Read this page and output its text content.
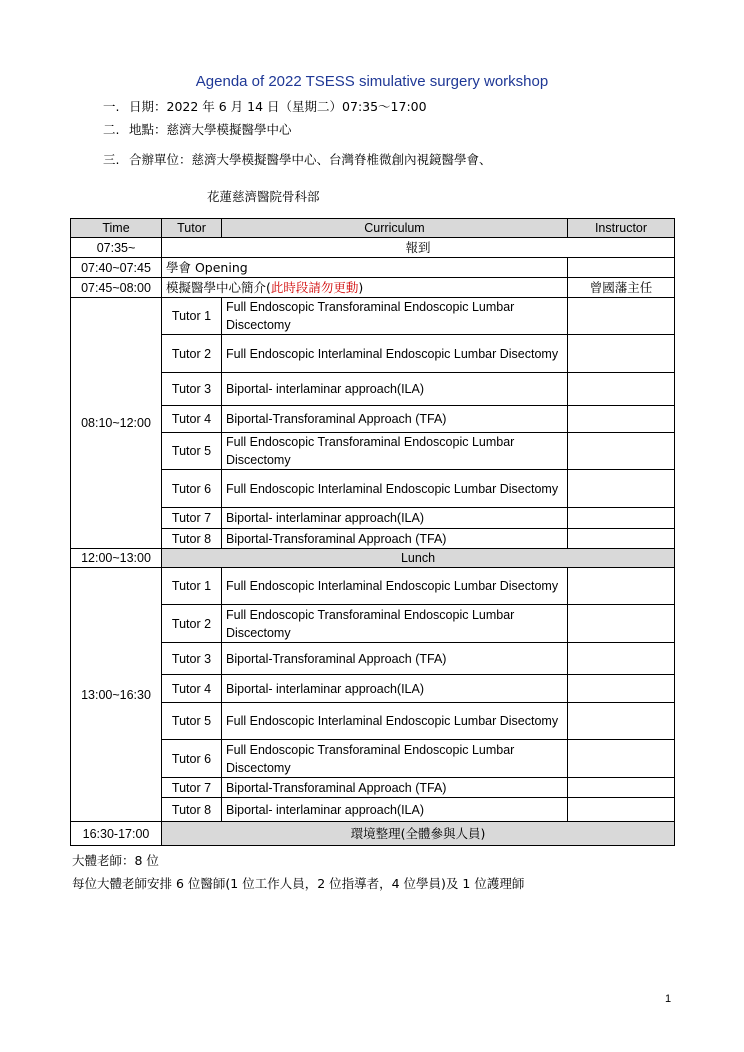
Agenda of 2022 TSESS simulative surgery workshop
一. 日期：2022 年 6 月 14 日（星期二）07:35～17:00
二. 地點：慈濟大學模擬醫學中心
三. 合辦單位：慈濟大學模擬醫學中心、台灣脊椎微創內視鏡醫學會、
花蓮慈濟醫院骨科部
Time	Tutor	Curriculum	Instructor
07:35~	報到		
07:40~07:45	學會 Opening		
07:45~08:00	模擬醫學中心簡介(此時段請勿更動)		曾國藩主任
08:10~12:00	Tutor 1	Full Endoscopic Transforaminal Endoscopic Lumbar Discectomy	
	Tutor 2	Full Endoscopic Interlaminal Endoscopic Lumbar Disectomy	
	Tutor 3	Biportal- interlaminar approach(ILA)	
	Tutor 4	Biportal-Transforaminal Approach (TFA)	
	Tutor 5	Full Endoscopic Transforaminal Endoscopic Lumbar Discectomy	
	Tutor 6	Full Endoscopic Interlaminal Endoscopic Lumbar Disectomy	
	Tutor 7	Biportal- interlaminar approach(ILA)	
	Tutor 8	Biportal-Transforaminal Approach (TFA)	
12:00~13:00	Lunch		
13:00~16:30	Tutor 1	Full Endoscopic Interlaminal Endoscopic Lumbar Disectomy	
	Tutor 2	Full Endoscopic Transforaminal Endoscopic Lumbar Discectomy	
	Tutor 3	Biportal-Transforaminal Approach (TFA)	
	Tutor 4	Biportal- interlaminar approach(ILA)	
	Tutor 5	Full Endoscopic Interlaminal Endoscopic Lumbar Disectomy	
	Tutor 6	Full Endoscopic Transforaminal Endoscopic Lumbar Discectomy	
	Tutor 7	Biportal-Transforaminal Approach (TFA)	
	Tutor 8	Biportal- interlaminar approach(ILA)	
16:30-17:00	環境整理(全體參與人員)		
大體老師：8 位
每位大體老師安排 6 位醫師(1 位工作人員，2 位指導者，4 位學員)及 1 位護理師
1
